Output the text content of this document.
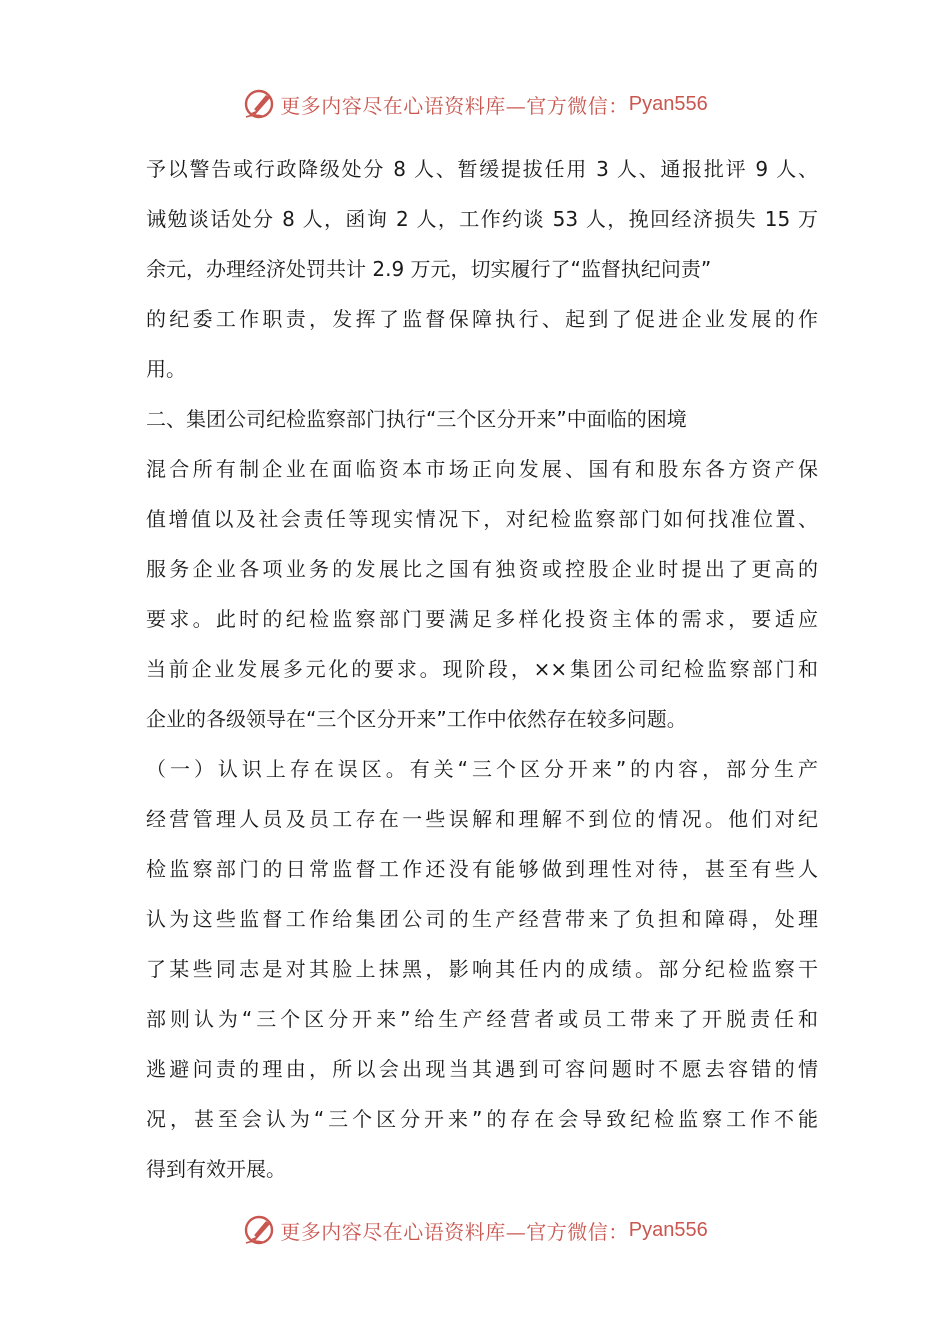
更多内容尽在心语资料库—官方微信： Pyan556
予以警告或行政降级处分 8 人、暂缓提拔任用 3 人、通报批评 9 人、
诫勉谈话处分 8 人，函询 2 人，工作约谈 53 人，挽回经济损失 15 万
余元，办理经济处罚共计 2.9 万元，切实履行了“监督执纪问责”
的纪委工作职责，发挥了监督保障执行、起到了促进企业发展的作
用。
二、集团公司纪检监察部门执行“三个区分开来”中面临的困境
混合所有制企业在面临资本市场正向发展、国有和股东各方资产保
值增值以及社会责任等现实情况下，对纪检监察部门如何找准位置、
服务企业各项业务的发展比之国有独资或控股企业时提出了更高的
要求。此时的纪检监察部门要满足多样化投资主体的需求，要适应
当前企业发展多元化的要求。现阶段，××集团公司纪检监察部门和
企业的各级领导在“三个区分开来”工作中依然存在较多问题。
（一）认识上存在误区。有关“三个区分开来”的内容，部分生产
经营管理人员及员工存在一些误解和理解不到位的情况。他们对纪
检监察部门的日常监督工作还没有能够做到理性对待，甚至有些人
认为这些监督工作给集团公司的生产经营带来了负担和障碍，处理
了某些同志是对其脸上抹黑，影响其任内的成绩。部分纪检监察干
部则认为“三个区分开来”给生产经营者或员工带来了开脱责任和
逃避问责的理由，所以会出现当其遇到可容问题时不愿去容错的情
况，甚至会认为“三个区分开来”的存在会导致纪检监察工作不能
得到有效开展。
更多内容尽在心语资料库—官方微信： Pyan556
